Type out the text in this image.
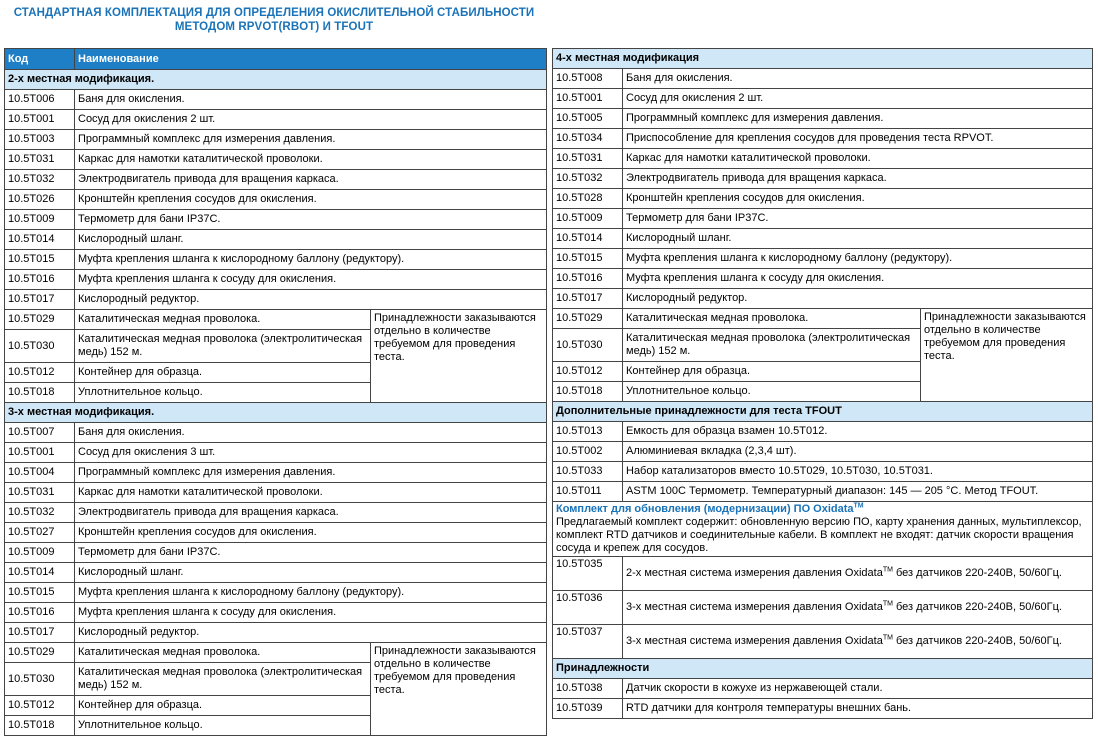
СТАНДАРТНАЯ КОМПЛЕКТАЦИЯ ДЛЯ ОПРЕДЕЛЕНИЯ ОКИСЛИТЕЛЬНОЙ СТАБИЛЬНОСТИ
МЕТОДОМ RPVOT(RBOT) И TFOUT
Код	Наименование	
2-х местная модификация.		
10.5T006	Баня для окисления.	
10.5T001	Сосуд для окисления 2 шт.	
10.5T003	Программный комплекс для измерения давления.	
10.5T031	Каркас для намотки каталитической проволоки.	
10.5T032	Электродвигатель привода для вращения каркаса.	
10.5T026	Кронштейн крепления сосудов для окисления.	
10.5T009	Термометр для бани IP37C.	
10.5T014	Кислородный шланг.	
10.5T015	Муфта крепления шланга к кислородному баллону (редуктору).	
10.5T016	Муфта крепления шланга к сосуду для окисления.	
10.5T017	Кислородный редуктор.	
10.5T029	Каталитическая медная проволока.	Принадлежности заказываются отдельно в количестве требуемом для проведения теста.
10.5T030	Каталитическая медная проволока (электролитическая медь) 152 м.	
10.5T012	Контейнер для образца.	
10.5T018	Уплотнительное кольцо.	
3-х местная модификация.		
10.5T007	Баня для окисления.	
10.5T001	Сосуд для окисления 3 шт.	
10.5T004	Программный комплекс для измерения давления.	
10.5T031	Каркас для намотки каталитической проволоки.	
10.5T032	Электродвигатель привода для вращения каркаса.	
10.5T027	Кронштейн крепления сосудов для окисления.	
10.5T009	Термометр для бани IP37C.	
10.5T014	Кислородный шланг.	
10.5T015	Муфта крепления шланга к кислородному баллону (редуктору).	
10.5T016	Муфта крепления шланга к сосуду для окисления.	
10.5T017	Кислородный редуктор.	
10.5T029	Каталитическая медная проволока.	Принадлежности заказываются отдельно в количестве требуемом для проведения теста.
10.5T030	Каталитическая медная проволока (электролитическая медь) 152 м.	
10.5T012	Контейнер для образца.	
10.5T018	Уплотнительное кольцо.	
4-х местная модификация		
10.5T008	Баня для окисления.	
10.5T001	Сосуд для окисления 2 шт.	
10.5T005	Программный комплекс для измерения давления.	
10.5T034	Приспособление для крепления сосудов для проведения теста RPVOT.	
10.5T031	Каркас для намотки каталитической проволоки.	
10.5T032	Электродвигатель привода для вращения каркаса.	
10.5T028	Кронштейн крепления сосудов для окисления.	
10.5T009	Термометр для бани IP37C.	
10.5T014	Кислородный шланг.	
10.5T015	Муфта крепления шланга к кислородному баллону (редуктору).	
10.5T016	Муфта крепления шланга к сосуду для окисления.	
10.5T017	Кислородный редуктор.	
10.5T029	Каталитическая медная проволока.	Принадлежности заказываются отдельно в количестве требуемом для проведения теста.
10.5T030	Каталитическая медная проволока (электролитическая медь) 152 м.	
10.5T012	Контейнер для образца.	
10.5T018	Уплотнительное кольцо.	
Дополнительные принадлежности для теста TFOUT		
10.5T013	Емкость для образца взамен 10.5T012.	
10.5T002	Алюминиевая вкладка (2,3,4 шт).	
10.5T033	Набор катализаторов вместо 10.5T029, 10.5T030, 10.5T031.	
10.5T011	ASTM 100C Термометр. Температурный диапазон: 145 — 205 °С. Метод TFOUT.	

Комплект для обновления (модернизации) ПО Oxidata™
Предлагаемый комплект содержит: обновленную версию ПО, карту хранения данных, мультиплексор, комплект RTD датчиков и соединительные кабели. В комплект не входят: датчик скорости вращения сосуда и крепеж для сосудов.		

10.5T035	2-х местная система измерения давления Oxidata™ без датчиков 220-240В, 50/60Гц.	
10.5T036	3-х местная система измерения давления Oxidata™ без датчиков 220-240В, 50/60Гц.	
10.5T037	3-х местная система измерения давления Oxidata™ без датчиков 220-240В, 50/60Гц.	
Принадлежности		
10.5T038	Датчик скорости в кожухе из нержавеющей стали.	
10.5T039	RTD датчики для контроля температуры внешних бань.	
